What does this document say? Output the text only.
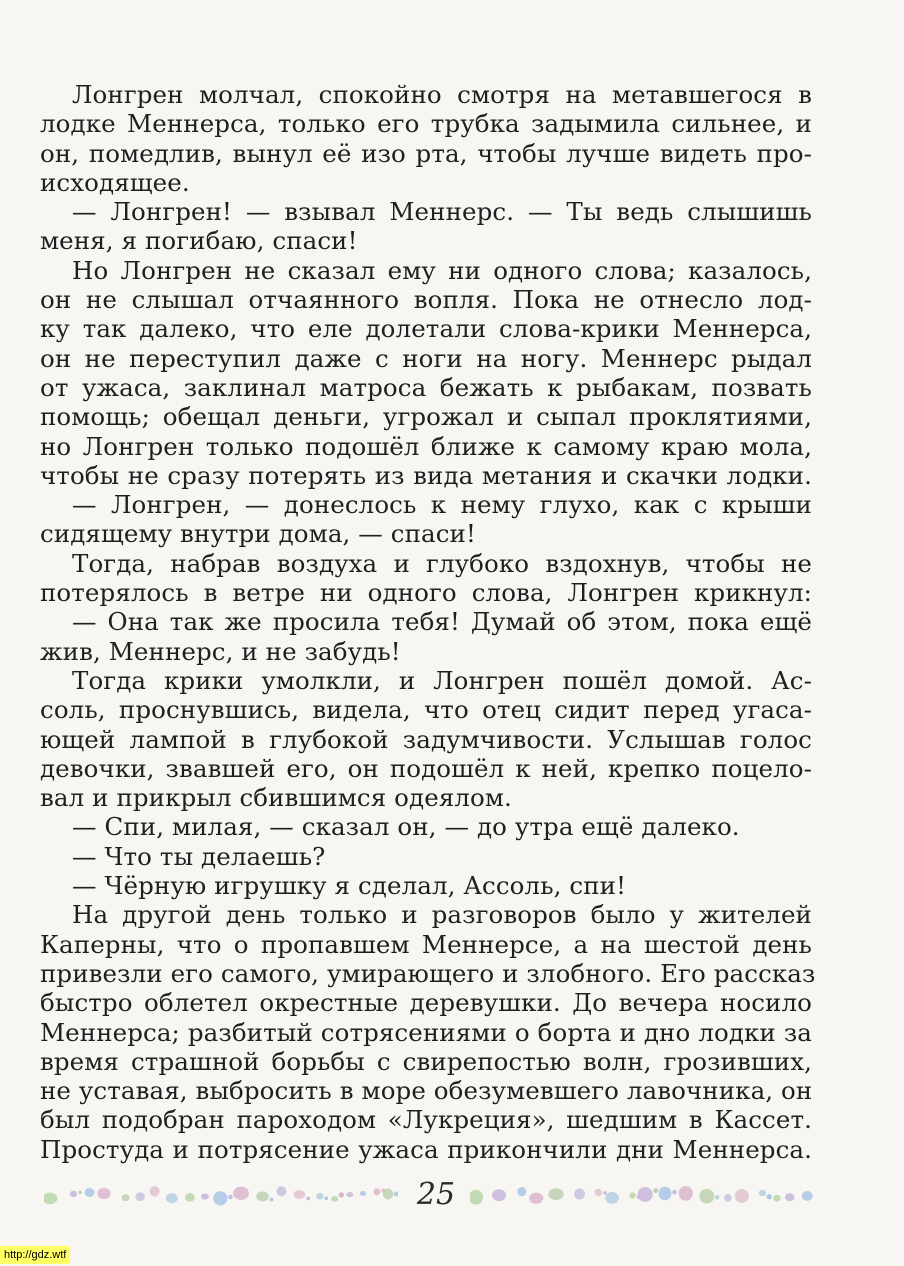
Лонгрен молчал, спокойно смотря на метавшегося в
лодке Меннерса, только его трубка задымила сильнее, и
он, помедлив, вынул её изо рта, чтобы лучше видеть про-
исходящее.
— Лонгрен! — взывал Меннерс. — Ты ведь слышишь
меня, я погибаю, спаси!
Но Лонгрен не сказал ему ни одного слова; казалось,
он не слышал отчаянного вопля. Пока не отнесло лод-
ку так далеко, что еле долетали слова-крики Меннерса,
он не переступил даже с ноги на ногу. Меннерс рыдал
от ужаса, заклинал матроса бежать к рыбакам, позвать
помощь; обещал деньги, угрожал и сыпал проклятиями,
но Лонгрен только подошёл ближе к самому краю мола,
чтобы не сразу потерять из вида метания и скачки лодки.
— Лонгрен, — донеслось к нему глухо, как с крыши
сидящему внутри дома, — спаси!
Тогда, набрав воздуха и глубоко вздохнув, чтобы не
потерялось в ветре ни одного слова, Лонгрен крикнул:
— Она так же просила тебя! Думай об этом, пока ещё
жив, Меннерс, и не забудь!
Тогда крики умолкли, и Лонгрен пошёл домой. Ас-
соль, проснувшись, видела, что отец сидит перед угаса-
ющей лампой в глубокой задумчивости. Услышав голос
девочки, звавшей его, он подошёл к ней, крепко поцело-
вал и прикрыл сбившимся одеялом.
— Спи, милая, — сказал он, — до утра ещё далеко.
— Что ты делаешь?
— Чёрную игрушку я сделал, Ассоль, спи!
На другой день только и разговоров было у жителей
Каперны, что о пропавшем Меннерсе, а на шестой день
привезли его самого, умирающего и злобного. Его рассказ
быстро облетел окрестные деревушки. До вечера носило
Меннерса; разбитый сотрясениями о борта и дно лодки за
время страшной борьбы с свирепостью волн, грозивших,
не уставая, выбросить в море обезумевшего лавочника, он
был подобран пароходом «Лукреция», шедшим в Кассет.
Простуда и потрясение ужаса прикончили дни Меннерса.
25
http://gdz.wtf
